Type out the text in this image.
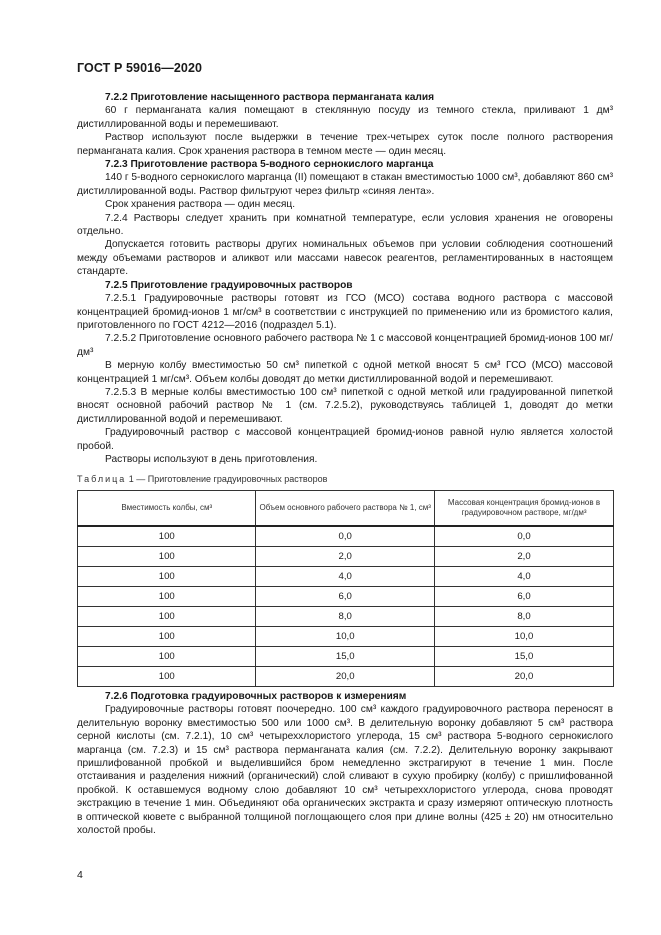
ГОСТ Р 59016—2020

7.2.2 Приготовление насыщенного раствора перманганата калия

60 г перманганата калия помещают в стеклянную посуду из темного стекла, приливают 1 дм³ дистиллированной воды и перемешивают.

Раствор используют после выдержки в течение трех-четырех суток после полного растворения перманганата калия. Срок хранения раствора в темном месте — один месяц.

7.2.3 Приготовление раствора 5-водного сернокислого марганца

140 г 5-водного сернокислого марганца (II) помещают в стакан вместимостью 1000 см³, добавляют 860 см³ дистиллированной воды. Раствор фильтруют через фильтр «синяя лента».

Срок хранения раствора — один месяц.

7.2.4 Растворы следует хранить при комнатной температуре, если условия хранения не оговорены отдельно.

Допускается готовить растворы других номинальных объемов при условии соблюдения соотношений между объемами растворов и аликвот или массами навесок реагентов, регламентированных в настоящем стандарте.

7.2.5 Приготовление градуировочных растворов

7.2.5.1 Градуировочные растворы готовят из ГСО (МСО) состава водного раствора с массовой концентрацией бромид-ионов 1 мг/см³ в соответствии с инструкцией по применению или из бромистого калия, приготовленного по ГОСТ 4212—2016 (подраздел 5.1).

7.2.5.2 Приготовление основного рабочего раствора № 1 с массовой концентрацией бромид-ионов 100 мг/дм³

В мерную колбу вместимостью 50 см³ пипеткой с одной меткой вносят 5 см³ ГСО (МСО) массовой концентрацией 1 мг/см³. Объем колбы доводят до метки дистиллированной водой и перемешивают.

7.2.5.3 В мерные колбы вместимостью 100 см³ пипеткой с одной меткой или градуированной пипеткой вносят основной рабочий раствор № 1 (см. 7.2.5.2), руководствуясь таблицей 1, доводят до метки дистиллированной водой и перемешивают.

Градуировочный раствор с массовой концентрацией бромид-ионов равной нулю является холостой пробой.

Растворы используют в день приготовления.

Таблица 1 — Приготовление градуировочных растворов
Вместимость колбы, см³	Объем основного рабочего раствора № 1, см³	Массовая концентрация бромид-ионов в градуировочном растворе, мг/дм³
100	0,0	0,0
100	2,0	2,0
100	4,0	4,0
100	6,0	6,0
100	8,0	8,0
100	10,0	10,0
100	15,0	15,0
100	20,0	20,0

7.2.6 Подготовка градуировочных растворов к измерениям

Градуировочные растворы готовят поочередно. 100 см³ каждого градуировочного раствора переносят в делительную воронку вместимостью 500 или 1000 см³. В делительную воронку добавляют 5 см³ раствора серной кислоты (см. 7.2.1), 10 см³ четыреххлористого углерода, 15 см³ раствора 5-водного сернокислого марганца (см. 7.2.3) и 15 см³ раствора перманганата калия (см. 7.2.2). Делительную воронку закрывают пришлифованной пробкой и выделившийся бром немедленно экстрагируют в течение 1 мин. После отстаивания и разделения нижний (органический) слой сливают в сухую пробирку (колбу) с пришлифованной пробкой. К оставшемуся водному слою добавляют 10 см³ четыреххлористого углерода, снова проводят экстракцию в течение 1 мин. Объединяют оба органических экстракта и сразу измеряют оптическую плотность в оптической кювете с выбранной толщиной поглощающего слоя при длине волны (425 ± 20) нм относительно холостой пробы.

4
